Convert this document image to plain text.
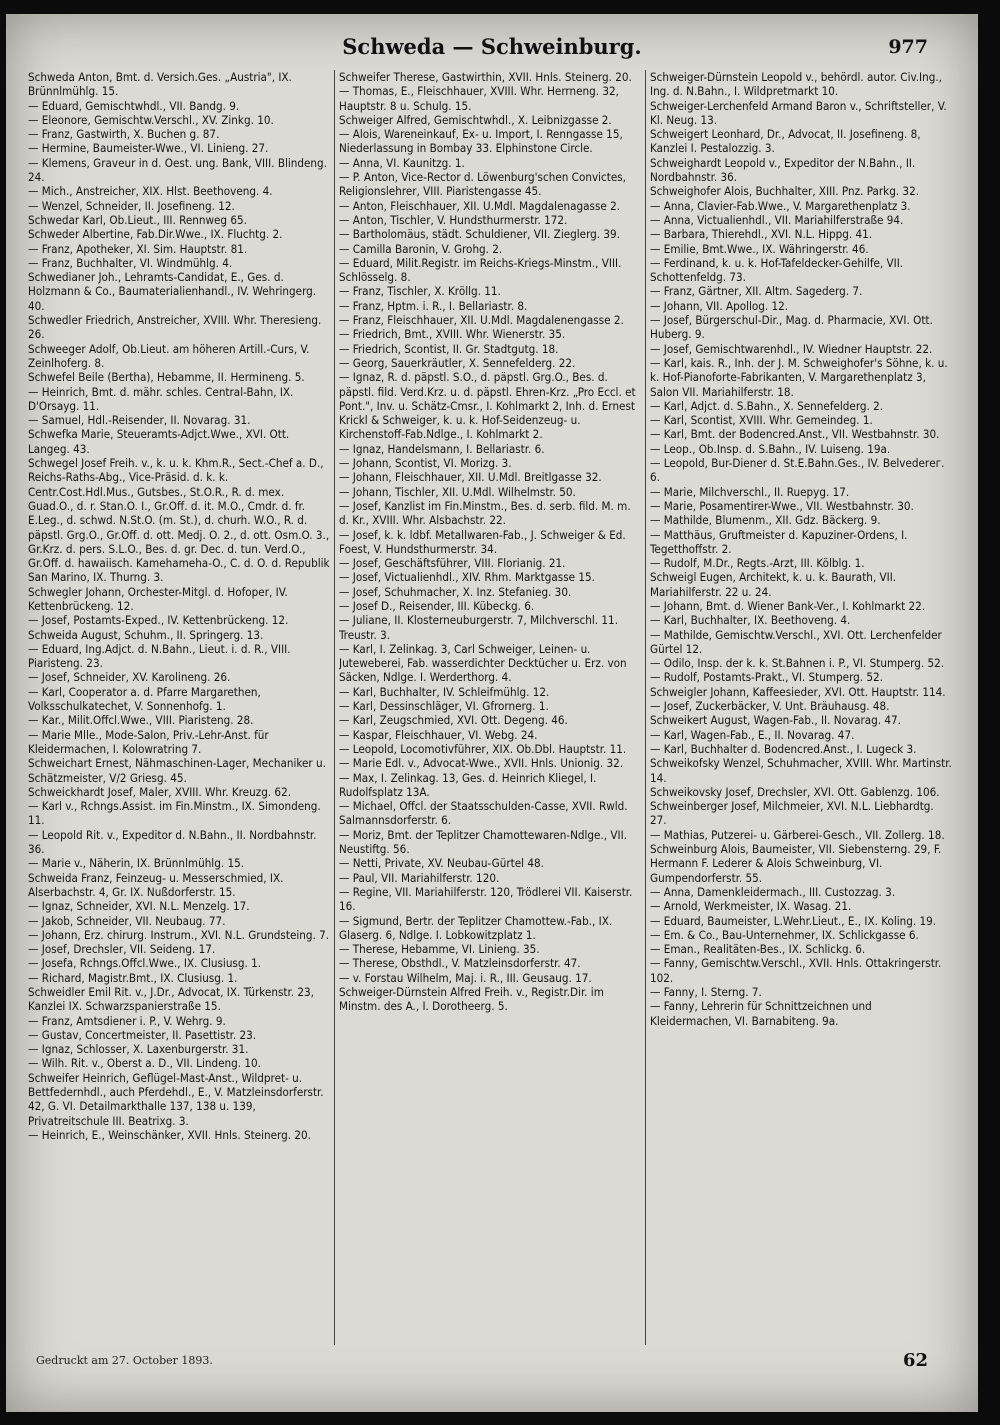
Schweda — Schweinburg.	977

Schweda Anton, Bmt. d. Versich.Ges. „Austria", IX. Brünnlmühlg. 15.

— Eduard, Gemischtwhdl., VII. Bandg. 9.

— Eleonore, Gemischtw.Verschl., XV. Zinkg. 10.

— Franz, Gastwirth, X. Buchen g. 87.

— Hermine, Baumeister-Wwe., VI. Linieng. 27.

— Klemens, Graveur in d. Oest. ung. Bank, VIII. Blindeng. 24.

— Mich., Anstreicher, XIX. Hlst. Beethoveng. 4.

— Wenzel, Schneider, II. Josefineng. 12.

Schwedar Karl, Ob.Lieut., III. Rennweg 65.

Schweder Albertine, Fab.Dir.Wwe., IX. Fluchtg. 2.

— Franz, Apotheker, XI. Sim. Hauptstr. 81.

— Franz, Buchhalter, VI. Windmühlg. 4.

Schwedianer Joh., Lehramts-Candidat, E., Ges. d. Holzmann & Co., Baumaterialienhandl., IV. Wehringerg. 40.

Schwedler Friedrich, Anstreicher, XVIII. Whr. Theresieng. 26.

Schweeger Adolf, Ob.Lieut. am höheren Artill.-Curs, V. Zeinlhoferg. 8.

Schwefel Beile (Bertha), Hebamme, II. Hermineng. 5.

— Heinrich, Bmt. d. mähr. schles. Central-Bahn, IX. D'Orsayg. 11.

— Samuel, Hdl.-Reisender, II. Novarag. 31.

Schwefka Marie, Steueramts-Adjct.Wwe., XVI. Ott. Langeg. 43.

Schwegel Josef Freih. v., k. u. k. Khm.R., Sect.-Chef a. D., Reichs-Raths-Abg., Vice-Präsid. d. k. k. Centr.Cost.Hdl.Mus., Gutsbes., St.O.R., R. d. mex. Guad.O., d. r. Stan.O. I., Gr.Off. d. it. M.O., Cmdr. d. fr. E.Leg., d. schwd. N.St.O. (m. St.), d. churh. W.O., R. d. päpstl. Grg.O., Gr.Off. d. ott. Medj. O. 2., d. ott. Osm.O. 3., Gr.Krz. d. pers. S.L.O., Bes. d. gr. Dec. d. tun. Verd.O., Gr.Off. d. hawaiisch. Kamehameha-O., C. d. O. d. Republik San Marino, IX. Thurng. 3.

Schwegler Johann, Orchester-Mitgl. d. Hofoper, IV. Kettenbrückeng. 12.

— Josef, Postamts-Exped., IV. Kettenbrückeng. 12.

Schweida August, Schuhm., II. Springerg. 13.

— Eduard, Ing.Adjct. d. N.Bahn., Lieut. i. d. R., VIII. Piaristeng. 23.

— Josef, Schneider, XV. Karolineng. 26.

— Karl, Cooperator a. d. Pfarre Margarethen, Volksschulkatechet, V. Sonnenhofg. 1.

— Kar., Milit.Offcl.Wwe., VIII. Piaristeng. 28.

— Marie Mlle., Mode-Salon, Priv.-Lehr-Anst. für Kleidermachen, I. Kolowratring 7.

Schweichart Ernest, Nähmaschinen-Lager, Mechaniker u. Schätzmeister, V/2 Griesg. 45.

Schweickhardt Josef, Maler, XVIII. Whr. Kreuzg. 62.

— Karl v., Rchngs.Assist. im Fin.Minstm., IX. Simondeng. 11.

— Leopold Rit. v., Expeditor d. N.Bahn., II. Nordbahnstr. 36.

— Marie v., Näherin, IX. Brünnlmühlg. 15.

Schweida Franz, Feinzeug- u. Messerschmied, IX. Alserbachstr. 4, Gr. IX. Nußdorferstr. 15.

— Ignaz, Schneider, XVI. N.L. Menzelg. 17.

— Jakob, Schneider, VII. Neubaug. 77.

— Johann, Erz. chirurg. Instrum., XVI. N.L. Grundsteing. 7.

— Josef, Drechsler, VII. Seideng. 17.

— Josefa, Rchngs.Offcl.Wwe., IX. Clusiusg. 1.

— Richard, Magistr.Bmt., IX. Clusiusg. 1.

Schweidler Emil Rit. v., J.Dr., Advocat, IX. Türkenstr. 23, Kanzlei IX. Schwarzspanierstraße 15.

— Franz, Amtsdiener i. P., V. Wehrg. 9.

— Gustav, Concertmeister, II. Pasettistr. 23.

— Ignaz, Schlosser, X. Laxenburgerstr. 31.

— Wilh. Rit. v., Oberst a. D., VII. Lindeng. 10.

Schweifer Heinrich, Geflügel-Mast-Anst., Wildpret- u. Bettfedernhdl., auch Pferdehdl., E., V. Matzleinsdorferstr. 42, G. VI. Detailmarkthalle 137, 138 u. 139, Privatreitschule III. Beatrixg. 3.

— Heinrich, E., Weinschänker, XVII. Hnls. Steinerg. 20.

Schweifer Therese, Gastwirthin, XVII. Hnls. Steinerg. 20.

— Thomas, E., Fleischhauer, XVIII. Whr. Herrneng. 32, Hauptstr. 8 u. Schulg. 15.

Schweiger Alfred, Gemischtwhdl., X. Leibnizgasse 2.

— Alois, Wareneinkauf, Ex- u. Import, I. Renngasse 15, Niederlassung in Bombay 33. Elphinstone Circle.

— Anna, VI. Kaunitzg. 1.

— P. Anton, Vice-Rector d. Löwenburg'schen Convictes, Religionslehrer, VIII. Piaristengasse 45.

— Anton, Fleischhauer, XII. U.Mdl. Magdalenagasse 2.

— Anton, Tischler, V. Hundsthurmerstr. 172.

— Bartholomäus, städt. Schuldiener, VII. Zieglerg. 39.

— Camilla Baronin, V. Grohg. 2.

— Eduard, Milit.Registr. im Reichs-Kriegs-Minstm., VIII. Schlösselg. 8.

— Franz, Tischler, X. Kröllg. 11.

— Franz, Hptm. i. R., I. Bellariastr. 8.

— Franz, Fleischhauer, XII. U.Mdl. Magdalenengasse 2.

— Friedrich, Bmt., XVIII. Whr. Wienerstr. 35.

— Friedrich, Scontist, II. Gr. Stadtgutg. 18.

— Georg, Sauerkräutler, X. Sennefelderg. 22.

— Ignaz, R. d. päpstl. S.O., d. päpstl. Grg.O., Bes. d. päpstl. fild. Verd.Krz. u. d. päpstl. Ehren-Krz. „Pro Eccl. et Pont.", Inv. u. Schätz-Cmsr., I. Kohlmarkt 2, Inh. d. Ernest Krickl & Schweiger, k. u. k. Hof-Seidenzeug- u. Kirchenstoff-Fab.Ndlge., I. Kohlmarkt 2.

— Ignaz, Handelsmann, I. Bellariastr. 6.

— Johann, Scontist, VI. Morizg. 3.

— Johann, Fleischhauer, XII. U.Mdl. Breitlgasse 32.

— Johann, Tischler, XII. U.Mdl. Wilhelmstr. 50.

— Josef, Kanzlist im Fin.Minstm., Bes. d. serb. fild. M. m. d. Kr., XVIII. Whr. Alsbachstr. 22.

— Josef, k. k. ldbf. Metallwaren-Fab., J. Schweiger & Ed. Foest, V. Hundsthurmerstr. 34.

— Josef, Geschäftsführer, VIII. Florianig. 21.

— Josef, Victualienhdl., XIV. Rhm. Marktgasse 15.

— Josef, Schuhmacher, X. Inz. Stefanieg. 30.

— Josef D., Reisender, III. Kübeckg. 6.

— Juliane, II. Klosterneuburgerstr. 7, Milchverschl. 11. Treustr. 3.

— Karl, I. Zelinkag. 3, Carl Schweiger, Leinen- u. Juteweberei, Fab. wasserdichter Decktücher u. Erz. von Säcken, Ndlge. I. Werderthorg. 4.

— Karl, Buchhalter, IV. Schleifmühlg. 12.

— Karl, Dessinschläger, VI. Gfrornerg. 1.

— Karl, Zeugschmied, XVI. Ott. Degeng. 46.

— Kaspar, Fleischhauer, VI. Webg. 24.

— Leopold, Locomotivführer, XIX. Ob.Dbl. Hauptstr. 11.

— Marie Edl. v., Advocat-Wwe., XVII. Hnls. Unionig. 32.

— Max, I. Zelinkag. 13, Ges. d. Heinrich Kliegel, I. Rudolfsplatz 13A.

— Michael, Offcl. der Staatsschulden-Casse, XVII. Rwld. Salmannsdorferstr. 6.

— Moriz, Bmt. der Teplitzer Chamottewaren-Ndlge., VII. Neustiftg. 56.

— Netti, Private, XV. Neubau-Gürtel 48.

— Paul, VII. Mariahilferstr. 120.

— Regine, VII. Mariahilferstr. 120, Trödlerei VII. Kaiserstr. 16.

— Sigmund, Bertr. der Teplitzer Chamottew.-Fab., IX. Glaserg. 6, Ndlge. I. Lobkowitzplatz 1.

— Therese, Hebamme, VI. Linieng. 35.

— Therese, Obsthdl., V. Matzleinsdorferstr. 47.

— v. Forstau Wilhelm, Maj. i. R., III. Geusaug. 17.

Schweiger-Dürnstein Alfred Freih. v., Registr.Dir. im Minstm. des A., I. Dorotheerg. 5.

Schweiger-Dürnstein Leopold v., behördl. autor. Civ.Ing., Ing. d. N.Bahn., I. Wildpretmarkt 10.

Schweiger-Lerchenfeld Armand Baron v., Schriftsteller, V. Kl. Neug. 13.

Schweigert Leonhard, Dr., Advocat, II. Josefineng. 8, Kanzlei I. Pestalozzig. 3.

Schweighardt Leopold v., Expeditor der N.Bahn., II. Nordbahnstr. 36.

Schweighofer Alois, Buchhalter, XIII. Pnz. Parkg. 32.

— Anna, Clavier-Fab.Wwe., V. Margarethenplatz 3.

— Anna, Victualienhdl., VII. Mariahilferstraße 94.

— Barbara, Thierehdl., XVI. N.L. Hippg. 41.

— Emilie, Bmt.Wwe., IX. Währingerstr. 46.

— Ferdinand, k. u. k. Hof-Tafeldecker-Gehilfe, VII. Schottenfeldg. 73.

— Franz, Gärtner, XII. Altm. Sagederg. 7.

— Johann, VII. Apollog. 12.

— Josef, Bürgerschul-Dir., Mag. d. Pharmacie, XVI. Ott. Huberg. 9.

— Josef, Gemischtwarenhdl., IV. Wiedner Hauptstr. 22.

— Karl, kais. R., Inh. der J. M. Schweighofer's Söhne, k. u. k. Hof-Pianoforte-Fabrikanten, V. Margarethenplatz 3, Salon VII. Mariahilferstr. 18.

— Karl, Adjct. d. S.Bahn., X. Sennefelderg. 2.

— Karl, Scontist, XVIII. Whr. Gemeindeg. 1.

— Karl, Bmt. der Bodencred.Anst., VII. Westbahnstr. 30.

— Leop., Ob.Insp. d. S.Bahn., IV. Luiseng. 19a.

— Leopold, Bur-Diener d. St.E.Bahn.Ges., IV. Belvederег. 6.

— Marie, Milchverschl., II. Ruepyg. 17.

— Marie, Posamentirer-Wwe., VII. Westbahnstr. 30.

— Mathilde, Blumenm., XII. Gdz. Bäckerg. 9.

— Matthäus, Gruftmeister d. Kapuziner-Ordens, I. Tegetthoffstr. 2.

— Rudolf, M.Dr., Regts.-Arzt, III. Kölblg. 1.

Schweigl Eugen, Architekt, k. u. k. Baurath, VII. Mariahilferstr. 22 u. 24.

— Johann, Bmt. d. Wiener Bank-Ver., I. Kohlmarkt 22.

— Karl, Buchhalter, IX. Beethoveng. 4.

— Mathilde, Gemischtw.Verschl., XVI. Ott. Lerchenfelder Gürtel 12.

— Odilo, Insp. der k. k. St.Bahnen i. P., VI. Stumperg. 52.

— Rudolf, Postamts-Prakt., VI. Stumperg. 52.

Schweigler Johann, Kaffeesieder, XVI. Ott. Hauptstr. 114.

— Josef, Zuckerbäcker, V. Unt. Bräuhausg. 48.

Schweikert August, Wagen-Fab., II. Novarag. 47.

— Karl, Wagen-Fab., E., II. Novarag. 47.

— Karl, Buchhalter d. Bodencred.Anst., I. Lugeck 3.

Schweikofsky Wenzel, Schuhmacher, XVIII. Whr. Martinstr. 14.

Schweikovsky Josef, Drechsler, XVI. Ott. Gablenzg. 106.

Schweinberger Josef, Milchmeier, XVI. N.L. Liebhardtg. 27.

— Mathias, Putzerei- u. Gärberei-Gesch., VII. Zollerg. 18.

Schweinburg Alois, Baumeister, VII. Siebensterng. 29, F. Hermann F. Lederer & Alois Schweinburg, VI. Gumpendorferstr. 55.

— Anna, Damenkleidermach., III. Custozzag. 3.

— Arnold, Werkmeister, IX. Wasag. 21.

— Eduard, Baumeister, L.Wehr.Lieut., E., IX. Koling. 19.

— Em. & Co., Bau-Unternehmer, IX. Schlickgasse 6.

— Eman., Realitäten-Bes., IX. Schlickg. 6.

— Fanny, Gemischtw.Verschl., XVII. Hnls. Ottakringerstr. 102.

— Fanny, I. Sterng. 7.

— Fanny, Lehrerin für Schnittzeichnen und Kleidermachen, VI. Barnabiteng. 9a.

Gedruckt am 27. October 1893.	62
